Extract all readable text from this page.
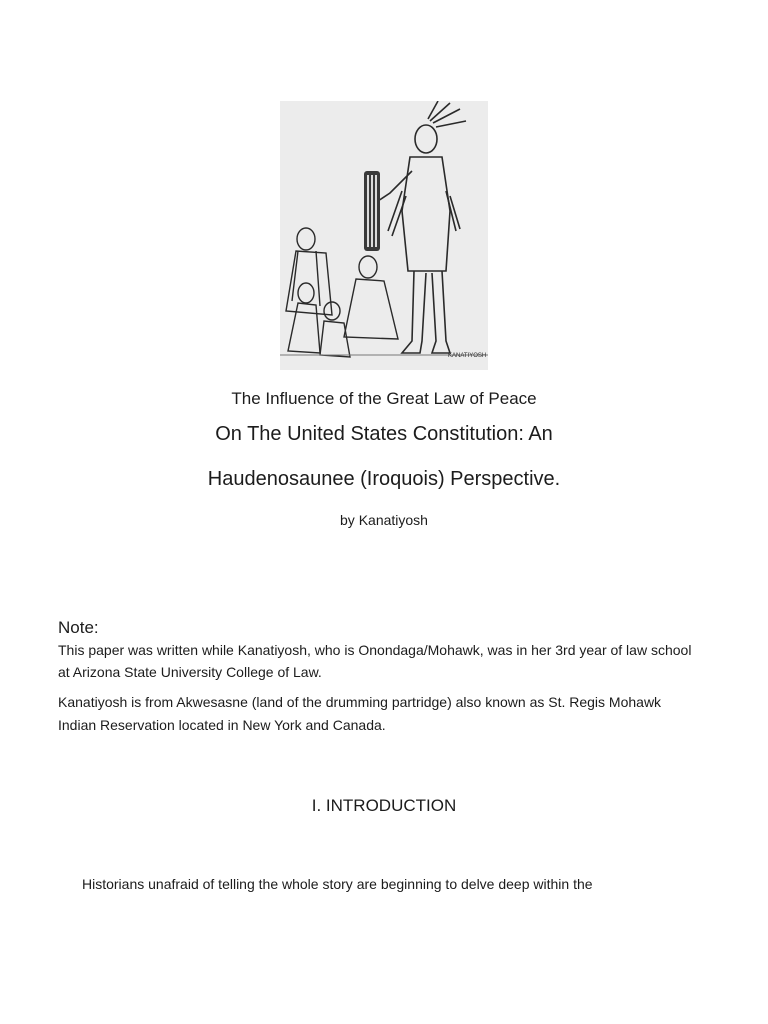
KANATIYOSH
The Influence of the Great Law of Peace
On The United States Constitution: An
Haudenosaunee (Iroquois) Perspective.
by Kanatiyosh
Note:
This paper was written while Kanatiyosh, who is Onondaga/Mohawk, was in her 3rd year of law school at Arizona State University College of Law.
Kanatiyosh is from Akwesasne (land of the drumming partridge) also known as St. Regis Mohawk Indian Reservation located in New York and Canada.
I. INTRODUCTION
Historians unafraid of telling the whole story are beginning to delve deep within the
